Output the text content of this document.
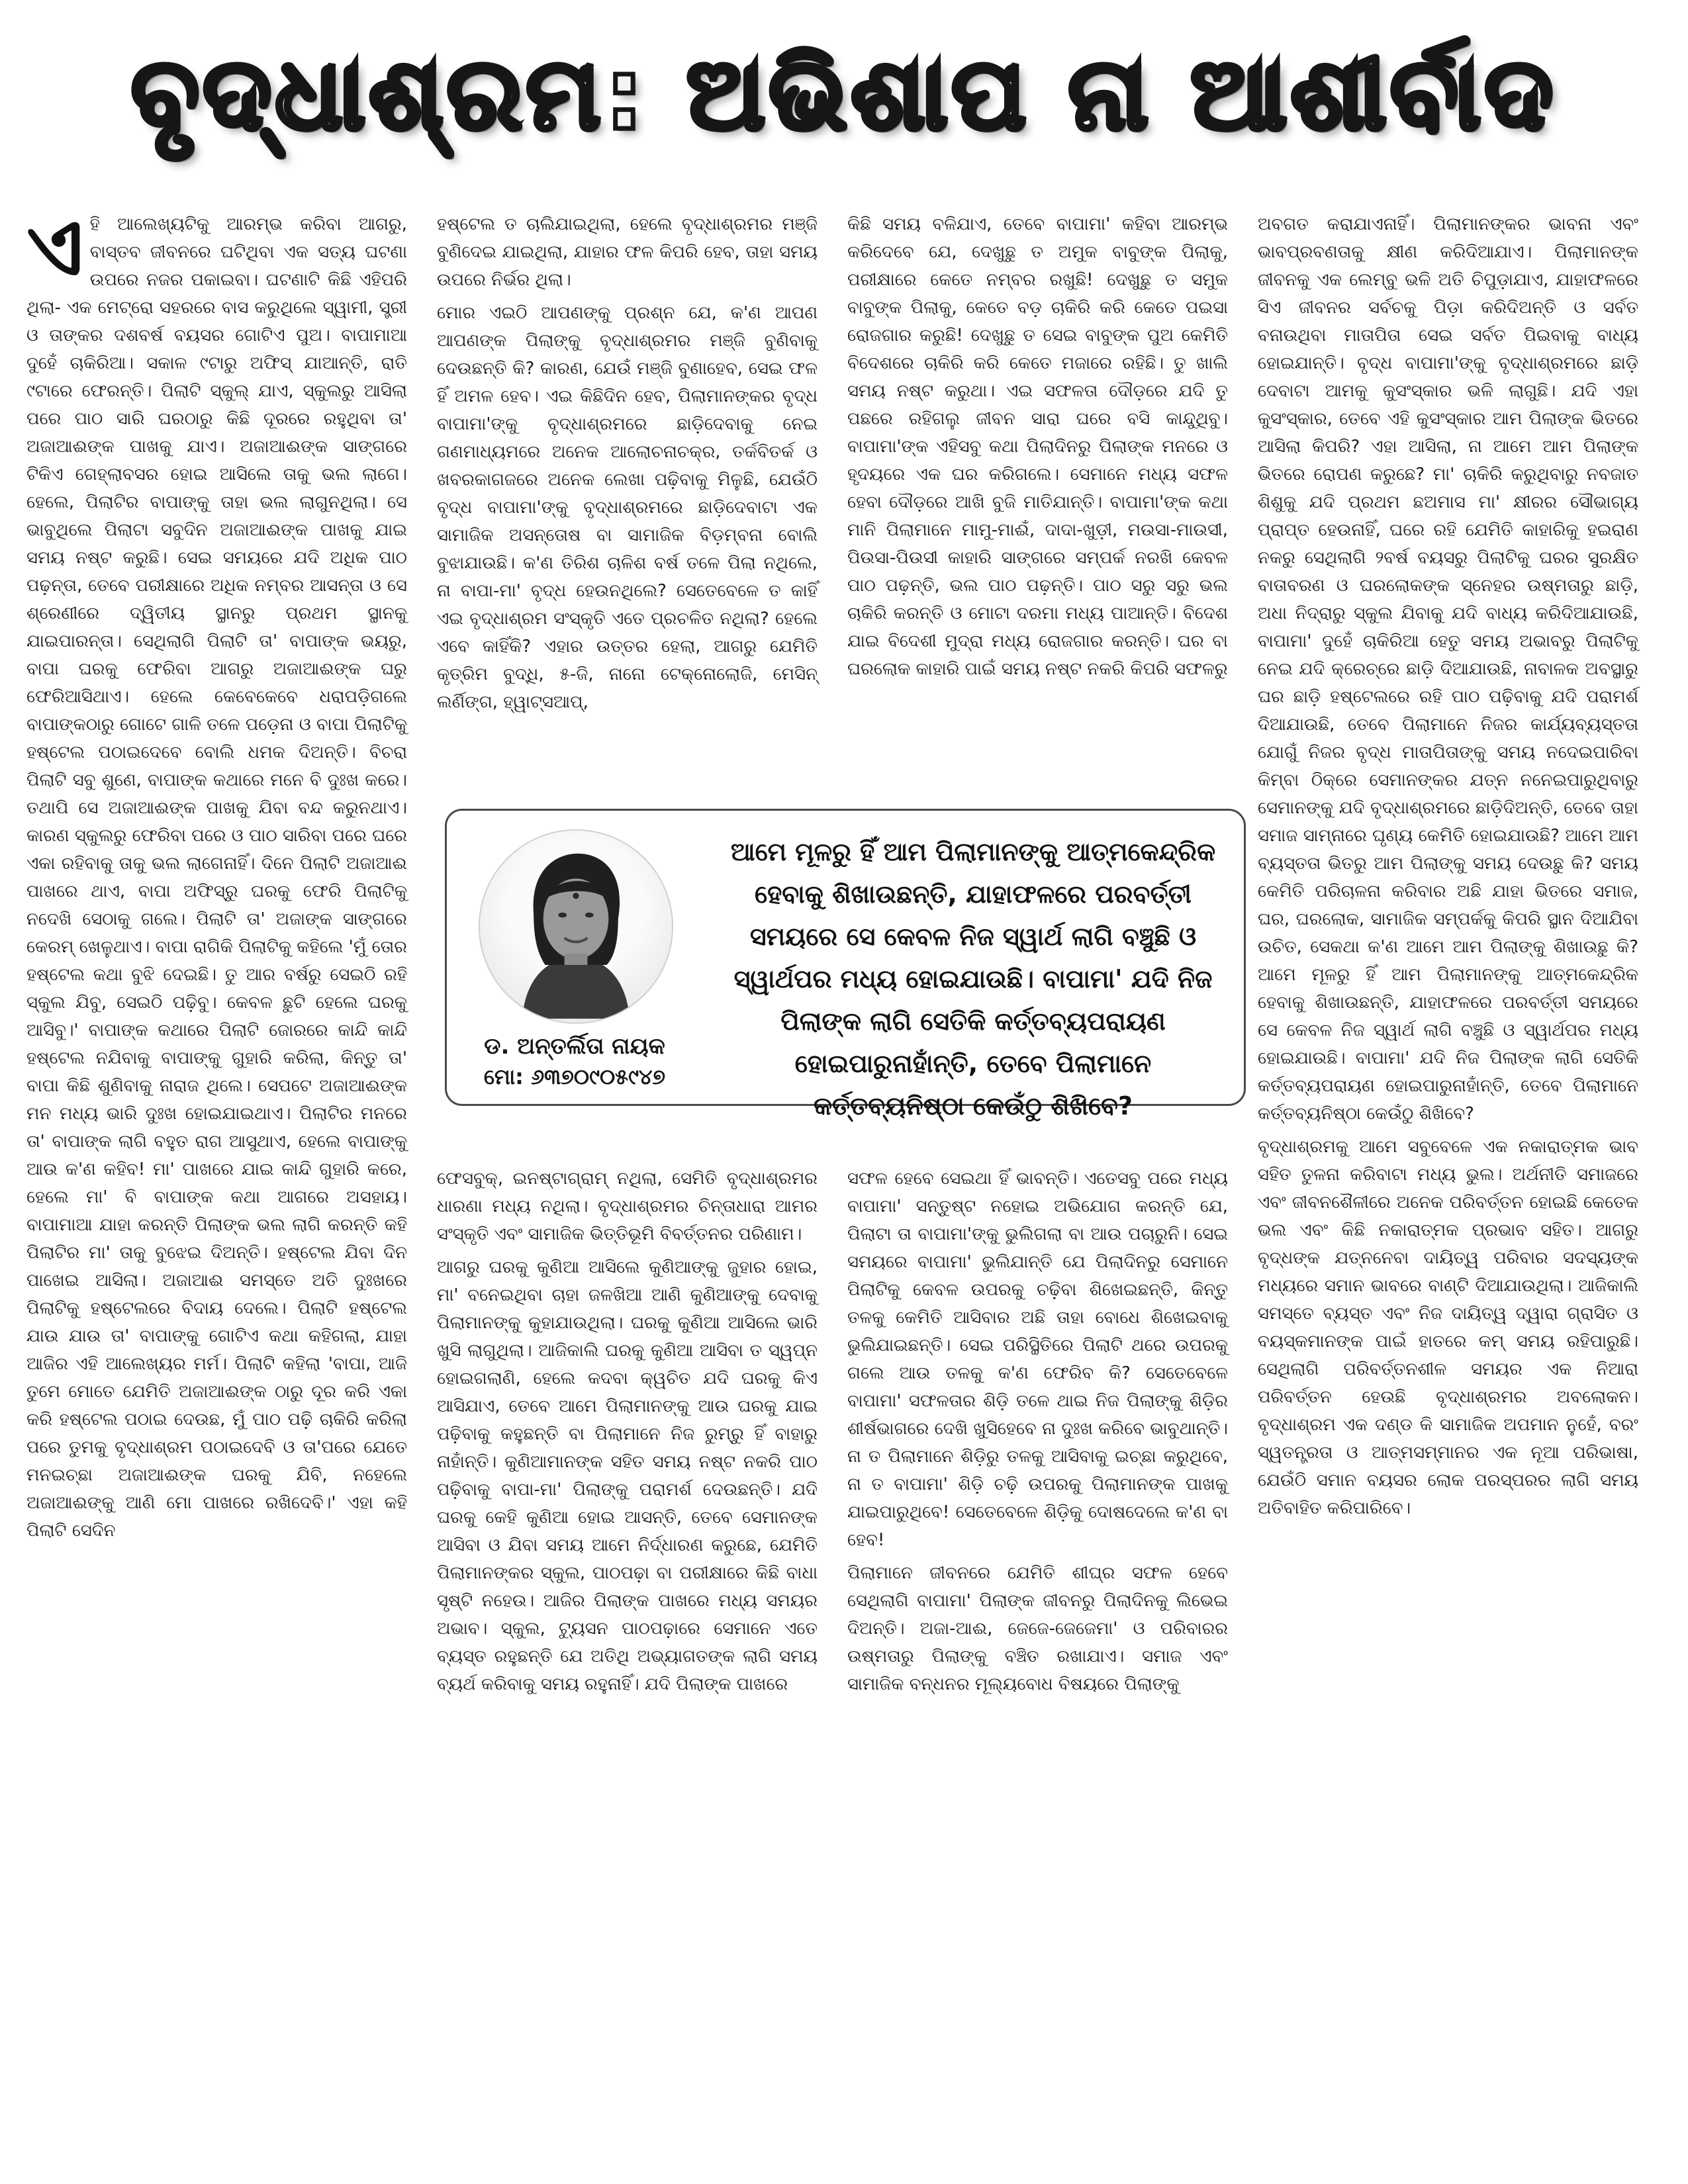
ବୃଦ୍ଧାଶ୍ରମ: ଅଭିଶାପ ନା ଆଶୀର୍ବାଦ

ଏହି ଆଲେଖ୍ୟଟିକୁ ଆରମ୍ଭ କରିବା ଆଗରୁ, ବାସ୍ତବ ଜୀବନରେ ଘଟିଥିବା ଏକ ସତ୍ୟ ଘଟଣା ଉପରେ ନଜର ପକାଇବା। ଘଟଣାଟି କିଛି ଏହିପରି ଥିଲା- ଏକ ମେଟ୍ରୋ ସହରରେ ବାସ କରୁଥିଲେ ସ୍ୱାମୀ, ସ୍ତ୍ରୀ ଓ ତାଙ୍କର ଦଶବର୍ଷ ବୟସର ଗୋଟିଏ ପୁଅ। ବାପାମାଆ ଦୁହେଁ ଚାକିରିଆ। ସକାଳ ୯ଟାରୁ ଅଫିସ୍ ଯାଆନ୍ତି, ରାତି ୯ଟାରେ ଫେରନ୍ତି। ପିଲାଟି ସ୍କୁଲ୍ ଯାଏ, ସ୍କୁଲରୁ ଆସିଲା ପରେ ପାଠ ସାରି ଘରଠାରୁ କିଛି ଦୂରରେ ରହୁଥିବା ତା' ଅଜାଆଈଙ୍କ ପାଖକୁ ଯାଏ। ଅଜାଆଈଙ୍କ ସାଙ୍ଗରେ ଟିକିଏ ଗେହ୍ଲାବସର ହୋଇ ଆସିଲେ ତାକୁ ଭଲ ଲାଗେ। ହେଲେ, ପିଲାଟିର ବାପାଙ୍କୁ ତାହା ଭଲ ଲାଗୁନଥିଲା। ସେ ଭାବୁଥିଲେ ପିଲାଟା ସବୁଦିନ ଅଜାଆଈଙ୍କ ପାଖକୁ ଯାଇ ସମୟ ନଷ୍ଟ କରୁଛି। ସେଇ ସମୟରେ ଯଦି ଅଧିକ ପାଠ ପଢ଼ନ୍ତା, ତେବେ ପରୀକ୍ଷାରେ ଅଧିକ ନମ୍ବର ଆସନ୍ତା ଓ ସେ ଶ୍ରେଣୀରେ ଦ୍ୱିତୀୟ ସ୍ଥାନରୁ ପ୍ରଥମ ସ୍ଥାନକୁ ଯାଇପାରନ୍ତା। ସେଥିଲାଗି ପିଲାଟି ତା' ବାପାଙ୍କ ଭୟରୁ, ବାପା ଘରକୁ ଫେରିବା ଆଗରୁ ଅଜାଆଈଙ୍କ ଘରୁ ଫେରିଆସିଥାଏ। ହେଲେ କେବେକେବେ ଧରାପଡ଼ିଗଲେ ବାପାଙ୍କଠାରୁ ଗୋଟେ ଗାଳି ତଳେ ପଡ଼େନା ଓ ବାପା ପିଲାଟିକୁ ହଷ୍ଟେଲ ପଠାଇଦେବେ ବୋଲି ଧମକ ଦିଅନ୍ତି। ବିଚରା ପିଲାଟି ସବୁ ଶୁଣେ, ବାପାଙ୍କ କଥାରେ ମନେ ବି ଦୁଃଖ କରେ। ତଥାପି ସେ ଅଜାଆଈଙ୍କ ପାଖକୁ ଯିବା ବନ୍ଦ କରୁନଥାଏ। କାରଣ ସ୍କୁଲରୁ ଫେରିବା ପରେ ଓ ପାଠ ସାରିବା ପରେ ଘରେ ଏକା ରହିବାକୁ ତାକୁ ଭଲ ଲାଗେନାହିଁ। ଦିନେ ପିଲାଟି ଅଜାଆଈ ପାଖରେ ଥାଏ, ବାପା ଅଫିସ୍‌ରୁ ଘରକୁ ଫେରି ପିଲାଟିକୁ ନଦେଖି ସେଠାକୁ ଗଲେ। ପିଲାଟି ତା' ଅଜାଙ୍କ ସାଙ୍ଗରେ କେରମ୍ ଖେଳୁଥାଏ। ବାପା ରାଗିକି ପିଲାଟିକୁ କହିଲେ 'ମୁଁ ତୋର ହଷ୍ଟେଲ କଥା ବୁଝି ଦେଇଛି। ତୁ ଆର ବର୍ଷରୁ ସେଇଠି ରହି ସ୍କୁଲ ଯିବୁ, ସେଇଠି ପଢ଼ିବୁ। କେବଳ ଛୁଟି ହେଲେ ଘରକୁ ଆସିବୁ।' ବାପାଙ୍କ କଥାରେ ପିଲାଟି ଜୋରରେ କାନ୍ଦି କାନ୍ଦି ହଷ୍ଟେଲ ନଯିବାକୁ ବାପାଙ୍କୁ ଗୁହାରି କରିଲା, କିନ୍ତୁ ତା' ବାପା କିଛି ଶୁଣିବାକୁ ନାରାଜ ଥିଲେ। ସେପଟେ ଅଜାଆଈଙ୍କ ମନ ମଧ୍ୟ ଭାରି ଦୁଃଖ ହୋଇଯାଇଥାଏ। ପିଲାଟିର ମନରେ ତା' ବାପାଙ୍କ ଲାଗି ବହୁତ ରାଗ ଆସୁଥାଏ, ହେଲେ ବାପାଙ୍କୁ ଆଉ କ'ଣ କହିବ! ମା' ପାଖରେ ଯାଇ କାନ୍ଦି ଗୁହାରି କରେ, ହେଲେ ମା' ବି ବାପାଙ୍କ କଥା ଆଗରେ ଅସହାୟ। ବାପାମାଆ ଯାହା କରନ୍ତି ପିଲାଙ୍କ ଭଲ ଲାଗି କରନ୍ତି କହି ପିଲାଟିର ମା' ତାକୁ ବୁଝେଇ ଦିଅନ୍ତି। ହଷ୍ଟେଲ ଯିବା ଦିନ ପାଖେଇ ଆସିଲା। ଅଜାଆଈ ସମସ୍ତେ ଅତି ଦୁଃଖରେ ପିଲାଟିକୁ ହଷ୍ଟେଲରେ ବିଦାୟ ଦେଲେ। ପିଲାଟି ହଷ୍ଟେଲ ଯାଉ ଯାଉ ତା' ବାପାଙ୍କୁ ଗୋଟିଏ କଥା କହିଗଲା, ଯାହା ଆଜିର ଏହି ଆଲେଖ୍ୟର ମର୍ମ। ପିଲାଟି କହିଲା 'ବାପା, ଆଜି ତୁମେ ମୋତେ ଯେମିତି ଅଜାଆଈଙ୍କ ଠାରୁ ଦୂର କରି ଏକା କରି ହଷ୍ଟେଲ ପଠାଇ ଦେଉଛ, ମୁଁ ପାଠ ପଢ଼ି ଚାକିରି କରିଲା ପରେ ତୁମକୁ ବୃଦ୍ଧାଶ୍ରମ ପଠାଇଦେବି ଓ ତା'ପରେ ଯେତେ ମନଇଚ୍ଛା ଅଜାଆଈଙ୍କ ଘରକୁ ଯିବି, ନହେଲେ ଅଜାଆଈଙ୍କୁ ଆଣି ମୋ ପାଖରେ ରଖିଦେବି।' ଏହା କହି ପିଲାଟି ସେଦିନ

ହଷ୍ଟେଲ ତ ଚାଲିଯାଇଥିଲା, ହେଲେ ବୃଦ୍ଧାଶ୍ରମର ମଞ୍ଜି ବୁଣିଦେଇ ଯାଇଥିଲା, ଯାହାର ଫଳ କିପରି ହେବ, ତାହା ସମୟ ଉପରେ ନିର୍ଭର ଥିଲା।

ମୋର ଏଇଠି ଆପଣଙ୍କୁ ପ୍ରଶ୍ନ ଯେ, କ'ଣ ଆପଣ ଆପଣଙ୍କ ପିଲାଙ୍କୁ ବୃଦ୍ଧାଶ୍ରମର ମଞ୍ଜି ବୁଣିବାକୁ ଦେଉଛନ୍ତି କି? କାରଣ, ଯେଉଁ ମଞ୍ଜି ବୁଣାହେବ, ସେଇ ଫଳ ହିଁ ଅମଳ ହେବ। ଏଇ କିଛିଦିନ ହେବ, ପିଲାମାନଙ୍କର ବୃଦ୍ଧ ବାପାମା'ଙ୍କୁ ବୃଦ୍ଧାଶ୍ରମରେ ଛାଡ଼ିଦେବାକୁ ନେଇ ଗଣମାଧ୍ୟମରେ ଅନେକ ଆଲୋଚନାଚକ୍ର, ତର୍କବିତର୍କ ଓ ଖବରକାଗଜରେ ଅନେକ ଲେଖା ପଢ଼ିବାକୁ ମିଳୁଛି, ଯେଉଁଠି ବୃଦ୍ଧ ବାପାମା'ଙ୍କୁ ବୃଦ୍ଧାଶ୍ରମରେ ଛାଡ଼ିଦେବାଟା ଏକ ସାମାଜିକ ଅସନ୍ତୋଷ ବା ସାମାଜିକ ବିଡ଼ମ୍ବନା ବୋଲି ବୁଝାଯାଉଛି। କ'ଣ ତିରିଶ ଚାଳିଶ ବର୍ଷ ତଳେ ପିଲା ନଥିଲେ, ନା ବାପା-ମା' ବୃଦ୍ଧ ହେଉନଥିଲେ? ସେତେବେଳେ ତ କାହିଁ ଏଇ ବୃଦ୍ଧାଶ୍ରମ ସଂସ୍କୃତି ଏତେ ପ୍ରଚଳିତ ନଥିଲା? ହେଲେ ଏବେ କାହିଁକି? ଏହାର ଉତ୍ତର ହେଲା, ଆଗରୁ ଯେମିତି କୃତ୍ରିମ ବୁଦ୍ଧି, ୫-ଜି, ନାନୋ ଟେକ୍ନୋଲୋଜି, ମେସିନ୍ ଲର୍ଣିଙ୍ଗ, ହ୍ୱାଟ୍‌ସଆପ୍,

ଫେସବୁକ୍, ଇନଷ୍ଟାଗ୍ରାମ୍ ନଥିଲା, ସେମିତି ବୃଦ୍ଧାଶ୍ରମର ଧାରଣା ମଧ୍ୟ ନଥିଲା। ବୃଦ୍ଧାଶ୍ରମର ଚିନ୍ତାଧାରା ଆମର ସଂସ୍କୃତି ଏବଂ ସାମାଜିକ ଭିତ୍ତିଭୂମି ବିବର୍ତ୍ତନର ପରିଣାମ।

ଆଗରୁ ଘରକୁ କୁଣିଆ ଆସିଲେ କୁଣିଆଙ୍କୁ ଜୁହାର ହୋଇ, ମା' ବନେଇଥିବା ଚାହା ଜଳଖିଆ ଆଣି କୁଣିଆଙ୍କୁ ଦେବାକୁ ପିଲାମାନଙ୍କୁ କୁହାଯାଉଥିଲା। ଘରକୁ କୁଣିଆ ଆସିଲେ ଭାରି ଖୁସି ଲାଗୁଥିଲା। ଆଜିକାଲି ଘରକୁ କୁଣିଆ ଆସିବା ତ ସ୍ୱପ୍ନ ହୋଇଗଲାଣି, ହେଲେ କଦବା କ୍ୱଚିତ ଯଦି ଘରକୁ କିଏ ଆସିଯାଏ, ତେବେ ଆମେ ପିଲାମାନଙ୍କୁ ଆଉ ଘରକୁ ଯାଇ ପଢ଼ିବାକୁ କହୁଛନ୍ତି ବା ପିଲାମାନେ ନିଜ ରୁମ୍‌ରୁ ହିଁ ବାହାରୁ ନାହାଁନ୍ତି। କୁଣିଆମାନଙ୍କ ସହିତ ସମୟ ନଷ୍ଟ ନକରି ପାଠ ପଢ଼ିବାକୁ ବାପା-ମା' ପିଲାଙ୍କୁ ପରାମର୍ଶ ଦେଉଛନ୍ତି। ଯଦି ଘରକୁ କେହି କୁଣିଆ ହୋଇ ଆସନ୍ତି, ତେବେ ସେମାନଙ୍କ ଆସିବା ଓ ଯିବା ସମୟ ଆମେ ନିର୍ଦ୍ଧାରଣ କରୁଛେ, ଯେମିତି ପିଲାମାନଙ୍କର ସ୍କୁଲ, ପାଠପଢ଼ା ବା ପରୀକ୍ଷାରେ କିଛି ବାଧା ସୃଷ୍ଟି ନହେଉ। ଆଜିର ପିଲାଙ୍କ ପାଖରେ ମଧ୍ୟ ସମୟର ଅଭାବ। ସ୍କୁଲ, ଟ୍ୟୁସନ ପାଠପଢ଼ାରେ ସେମାନେ ଏତେ ବ୍ୟସ୍ତ ରହୁଛନ୍ତି ଯେ ଅତିଥି ଅଭ୍ୟାଗତଙ୍କ ଲାଗି ସମୟ ବ୍ୟର୍ଥ କରିବାକୁ ସମୟ ରହୁନାହିଁ। ଯଦି ପିଲାଙ୍କ ପାଖରେ

କିଛି ସମୟ ବଳିଯାଏ, ତେବେ ବାପାମା' କହିବା ଆରମ୍ଭ କରିଦେବେ ଯେ, ଦେଖୁଛୁ ତ ଅମୁକ ବାବୁଙ୍କ ପିଲାକୁ, ପରୀକ୍ଷାରେ କେତେ ନମ୍ବର ରଖୁଛି! ଦେଖୁଛୁ ତ ସମୁକ ବାବୁଙ୍କ ପିଲାକୁ, କେତେ ବଡ଼ ଚାକିରି କରି କେତେ ପଇସା ରୋଜଗାର କରୁଛି! ଦେଖୁଛୁ ତ ସେଇ ବାବୁଙ୍କ ପୁଅ କେମିତି ବିଦେଶରେ ଚାକିରି କରି କେତେ ମଜାରେ ରହିଛି। ତୁ ଖାଲି ସମୟ ନଷ୍ଟ କରୁଥା। ଏଇ ସଫଳତା ଦୌଡ଼ରେ ଯଦି ତୁ ପଛରେ ରହିଗଲୁ ଜୀବନ ସାରା ଘରେ ବସି କାନ୍ଦୁଥିବୁ। ବାପାମା'ଙ୍କ ଏହିସବୁ କଥା ପିଲାଦିନରୁ ପିଲାଙ୍କ ମନରେ ଓ ହୃଦୟରେ ଏକ ଘର କରିଗଲେ। ସେମାନେ ମଧ୍ୟ ସଫଳ ହେବା ଦୌଡ଼ରେ ଆଖି ବୁଜି ମାତିଯାନ୍ତି। ବାପାମା'ଙ୍କ କଥା ମାନି ପିଲାମାନେ ମାମୁ-ମାଈଁ, ଦାଦା-ଖୁଡ଼ୀ, ମଉସା-ମାଉସୀ, ପିଉସା-ପିଉସୀ କାହାରି ସାଙ୍ଗରେ ସମ୍ପର୍କ ନରଖି କେବଳ ପାଠ ପଢ଼ନ୍ତି, ଭଲ ପାଠ ପଢ଼ନ୍ତି। ପାଠ ସରୁ ସରୁ ଭଲ ଚାକିରି କରନ୍ତି ଓ ମୋଟା ଦରମା ମଧ୍ୟ ପାଆନ୍ତି। ବିଦେଶ ଯାଇ ବିଦେଶୀ ମୁଦ୍ରା ମଧ୍ୟ ରୋଜଗାର କରନ୍ତି। ଘର ବା ଘରଲୋକ କାହାରି ପାଇଁ ସମୟ ନଷ୍ଟ ନକରି କିପରି ସଫଳରୁ

ସଫଳ ହେବେ ସେଇଥା ହିଁ ଭାବନ୍ତି। ଏତେସବୁ ପରେ ମଧ୍ୟ ବାପାମା' ସନ୍ତୁଷ୍ଟ ନହୋଇ ଅଭିଯୋଗ କରନ୍ତି ଯେ, ପିଲାଟା ତା ବାପାମା'ଙ୍କୁ ଭୁଲିଗଲା ବା ଆଉ ପଚାରୁନି। ସେଇ ସମୟରେ ବାପାମା' ଭୁଲିଯାନ୍ତି ଯେ ପିଲାଦିନରୁ ସେମାନେ ପିଲାଟିକୁ କେବଳ ଉପରକୁ ଚଢ଼ିବା ଶିଖେଇଛନ୍ତି, କିନ୍ତୁ ତଳକୁ କେମିତି ଆସିବାର ଅଛି ତାହା ବୋଧେ ଶିଖେଇବାକୁ ଭୁଲିଯାଇଛନ୍ତି। ସେଇ ପରିସ୍ଥିତିରେ ପିଲାଟି ଥରେ ଉପରକୁ ଗଲେ ଆଉ ତଳକୁ କ'ଣ ଫେରିବ କି? ସେତେବେଳେ ବାପାମା' ସଫଳତାର ଶିଡ଼ି ତଳେ ଥାଇ ନିଜ ପିଲାଙ୍କୁ ଶିଡ଼ିର ଶୀର୍ଷଭାଗରେ ଦେଖି ଖୁସିହେବେ ନା ଦୁଃଖ କରିବେ ଭାବୁଥାନ୍ତି। ନା ତ ପିଲାମାନେ ଶିଡ଼ିରୁ ତଳକୁ ଆସିବାକୁ ଇଚ୍ଛା କରୁଥିବେ, ନା ତ ବାପାମା' ଶିଡ଼ି ଚଢ଼ି ଉପରକୁ ପିଲାମାନଙ୍କ ପାଖକୁ ଯାଇପାରୁଥିବେ! ସେତେବେଳେ ଶିଡ଼ିକୁ ଦୋଷଦେଲେ କ'ଣ ବା ହେବ!

ପିଲାମାନେ ଜୀବନରେ ଯେମିତି ଶୀଘ୍ର ସଫଳ ହେବେ ସେଥିଲାଗି ବାପାମା' ପିଲାଙ୍କ ଜୀବନରୁ ପିଲାଦିନକୁ ଲିଭେଇ ଦିଅନ୍ତି। ଅଜା-ଆଈ, ଜେଜେ-ଜେଜେମା' ଓ ପରିବାରର ଉଷ୍ମତାରୁ ପିଲାଙ୍କୁ ବଞ୍ଚିତ ରଖାଯାଏ। ସମାଜ ଏବଂ ସାମାଜିକ ବନ୍ଧନର ମୂଲ୍ୟବୋଧ ବିଷୟରେ ପିଲାଙ୍କୁ

ଅବଗତ କରାଯାଏନାହିଁ। ପିଲାମାନଙ୍କର ଭାବନା ଏବଂ ଭାବପ୍ରବଣତାକୁ କ୍ଷୀଣ କରିଦିଆଯାଏ। ପିଲାମାନଙ୍କ ଜୀବନକୁ ଏକ ଲେମ୍ବୁ ଭଳି ଅତି ଚିପୁଡ଼ାଯାଏ, ଯାହାଫଳରେ ସିଏ ଜୀବନର ସର୍ବଚକୁ ପିଡ଼ା କରିଦିଅନ୍ତି ଓ ସର୍ବତ ବନାଉଥିବା ମାତାପିତା ସେଇ ସର୍ବତ ପିଇବାକୁ ବାଧ୍ୟ ହୋଇଯାନ୍ତି। ବୃଦ୍ଧ ବାପାମା'ଙ୍କୁ ବୃଦ୍ଧାଶ୍ରମରେ ଛାଡ଼ି ଦେବାଟା ଆମକୁ କୁସଂସ୍କାର ଭଳି ଲାଗୁଛି। ଯଦି ଏହା କୁସଂସ୍କାର, ତେବେ ଏହି କୁସଂସ୍କାର ଆମ ପିଲାଙ୍କ ଭିତରେ ଆସିଲା କିପରି? ଏହା ଆସିଲା, ନା ଆମେ ଆମ ପିଲାଙ୍କ ଭିତରେ ରୋପଣ କରୁଛେ? ମା' ଚାକିରି କରୁଥିବାରୁ ନବଜାତ ଶିଶୁକୁ ଯଦି ପ୍ରଥମ ଛଅମାସ ମା' କ୍ଷୀରର ସୌଭାଗ୍ୟ ପ୍ରାପ୍ତ ହେଉନାହିଁ, ଘରେ ରହି ଯେମିତି କାହାରିକୁ ହଇରାଣ ନକରୁ ସେଥିଲାଗି ୨ବର୍ଷ ବୟସରୁ ପିଲାଟିକୁ ଘରର ସୁରକ୍ଷିତ ବାତାବରଣ ଓ ଘରଲୋକଙ୍କ ସ୍ନେହର ଉଷ୍ମତାରୁ ଛାଡ଼ି, ଅଧା ନିଦ୍ରାରୁ ସ୍କୁଲ ଯିବାକୁ ଯଦି ବାଧ୍ୟ କରିଦିଆଯାଉଛି, ବାପାମା' ଦୁହେଁ ଚାକିରିଆ ହେତୁ ସମୟ ଅଭାବରୁ ପିଲାଟିକୁ ନେଇ ଯଦି କ୍ରେଚ୍‌ରେ ଛାଡ଼ି ଦିଆଯାଉଛି, ନାବାଳକ ଅବସ୍ଥାରୁ ଘର ଛାଡ଼ି ହଷ୍ଟେଲରେ ରହି ପାଠ ପଢ଼ିବାକୁ ଯଦି ପରାମର୍ଶ ଦିଆଯାଉଛି, ତେବେ ପିଲାମାନେ ନିଜର କାର୍ଯ୍ୟବ୍ୟସ୍ତତା ଯୋଗୁଁ ନିଜର ବୃଦ୍ଧ ମାତାପିତାଙ୍କୁ ସମୟ ନଦେଇପାରିବା କିମ୍ବା ଠିକ୍‌ରେ ସେମାନଙ୍କର ଯତ୍ନ ନନେଇପାରୁଥିବାରୁ ସେମାନଙ୍କୁ ଯଦି ବୃଦ୍ଧାଶ୍ରମରେ ଛାଡ଼ିଦିଅନ୍ତି, ତେବେ ତାହା ସମାଜ ସାମ୍ନାରେ ଘୃଣ୍ୟ କେମିତି ହୋଇଯାଉଛି? ଆମେ ଆମ ବ୍ୟସ୍ତତା ଭିତରୁ ଆମ ପିଲାଙ୍କୁ ସମୟ ଦେଉଛୁ କି? ସମୟ କେମିତି ପରିଚାଳନା କରିବାର ଅଛି ଯାହା ଭିତରେ ସମାଜ, ଘର, ଘରଲୋକ, ସାମାଜିକ ସମ୍ପର୍କକୁ କିପରି ସ୍ଥାନ ଦିଆଯିବା ଉଚିତ, ସେକଥା କ'ଣ ଆମେ ଆମ ପିଲାଙ୍କୁ ଶିଖାଉଛୁ କି? ଆମେ ମୂଳରୁ ହିଁ ଆମ ପିଲାମାନଙ୍କୁ ଆତ୍ମକେନ୍ଦ୍ରିକ ହେବାକୁ ଶିଖାଉଛନ୍ତି, ଯାହାଫଳରେ ପରବର୍ତ୍ତୀ ସମୟରେ ସେ କେବଳ ନିଜ ସ୍ୱାର୍ଥ ଲାଗି ବଞ୍ଚୁଛି ଓ ସ୍ୱାର୍ଥପର ମଧ୍ୟ ହୋଇଯାଉଛି। ବାପାମା' ଯଦି ନିଜ ପିଲାଙ୍କ ଲାଗି ସେତିକି କର୍ତ୍ତବ୍ୟପରାୟଣ ହୋଇପାରୁନାହାଁନ୍ତି, ତେବେ ପିଲାମାନେ କର୍ତ୍ତବ୍ୟନିଷ୍ଠା କେଉଁଠୁ ଶିଖିବେ?

ବୃଦ୍ଧାଶ୍ରମକୁ ଆମେ ସବୁବେଳେ ଏକ ନକାରାତ୍ମକ ଭାବ ସହିତ ତୁଳନା କରିବାଟା ମଧ୍ୟ ଭୁଲ। ଅର୍ଥନୀତି ସମାଜରେ ଏବଂ ଜୀବନଶୈଳୀରେ ଅନେକ ପରିବର୍ତ୍ତନ ହୋଇଛି କେତେକ ଭଲ ଏବଂ କିଛି ନକାରାତ୍ମକ ପ୍ରଭାବ ସହିତ। ଆଗରୁ ବୃଦ୍ଧଙ୍କ ଯତ୍ନନେବା ଦାୟିତ୍ୱ ପରିବାର ସଦସ୍ୟଙ୍କ ମଧ୍ୟରେ ସମାନ ଭାବରେ ବାଣ୍ଟି ଦିଆଯାଉଥିଲା। ଆଜିକାଲି ସମସ୍ତେ ବ୍ୟସ୍ତ ଏବଂ ନିଜ ଦାୟିତ୍ୱ ଦ୍ୱାରା ଗ୍ରାସିତ ଓ ବୟସ୍କମାନଙ୍କ ପାଇଁ ହାତରେ କମ୍ ସମୟ ରହିପାରୁଛି। ସେଥିଲାଗି ପରିବର୍ତ୍ତନଶୀଳ ସମୟର ଏକ ନିଆରା ପରିବର୍ତ୍ତନ ହେଉଛି ବୃଦ୍ଧାଶ୍ରମର ଅବଲୋକନ। ବୃଦ୍ଧାଶ୍ରମ ଏକ ଦଣ୍ଡ କି ସାମାଜିକ ଅପମାନ ନୁହେଁ, ବରଂ ସ୍ୱତନ୍ତ୍ରତା ଓ ଆତ୍ମସମ୍ମାନର ଏକ ନୂଆ ପରିଭାଷା, ଯେଉଁଠି ସମାନ ବୟସର ଲୋକ ପରସ୍ପରର ଲାଗି ସମୟ ଅତିବାହିତ କରିପାରିବେ।

ଡ. ଅନ୍ତର୍ଲିତା ନାୟକ
ମୋ: ୬୩୭୦୯୦୫୯୪୭
ଆମେ ମୂଳରୁ ହିଁ ଆମ ପିଲାମାନଙ୍କୁ ଆତ୍ମକେନ୍ଦ୍ରିକ ହେବାକୁ ଶିଖାଉଛନ୍ତି, ଯାହାଫଳରେ ପରବର୍ତ୍ତୀ ସମୟରେ ସେ କେବଳ ନିଜ ସ୍ୱାର୍ଥ ଲାଗି ବଞ୍ଚୁଛି ଓ ସ୍ୱାର୍ଥପର ମଧ୍ୟ ହୋଇଯାଉଛି। ବାପାମା' ଯଦି ନିଜ ପିଲାଙ୍କ ଲାଗି ସେତିକି କର୍ତ୍ତବ୍ୟପରାୟଣ ହୋଇପାରୁନାହାଁନ୍ତି, ତେବେ ପିଲାମାନେ କର୍ତ୍ତବ୍ୟନିଷ୍ଠା କେଉଁଠୁ ଶିଖିବେ?
